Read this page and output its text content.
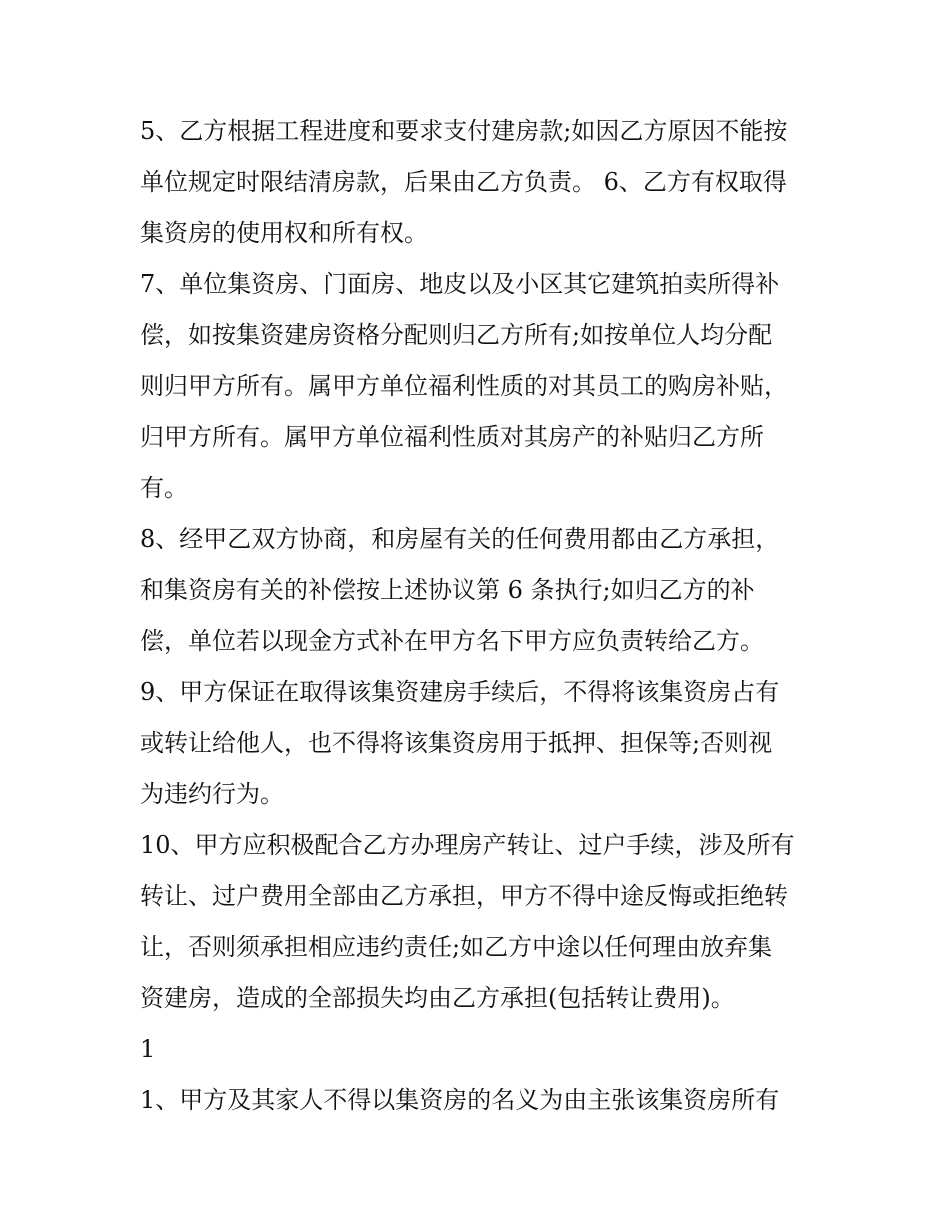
5、乙方根据工程进度和要求支付建房款;如因乙方原因不能按
单位规定时限结清房款，后果由乙方负责。 6、乙方有权取得
集资房的使用权和所有权。
7、单位集资房、门面房、地皮以及小区其它建筑拍卖所得补
偿，如按集资建房资格分配则归乙方所有;如按单位人均分配
则归甲方所有。属甲方单位福利性质的对其员工的购房补贴，
归甲方所有。属甲方单位福利性质对其房产的补贴归乙方所
有。
8、经甲乙双方协商，和房屋有关的任何费用都由乙方承担，
和集资房有关的补偿按上述协议第 6 条执行;如归乙方的补
偿，单位若以现金方式补在甲方名下甲方应负责转给乙方。
9、甲方保证在取得该集资建房手续后，不得将该集资房占有
或转让给他人，也不得将该集资房用于抵押、担保等;否则视
为违约行为。
10、甲方应积极配合乙方办理房产转让、过户手续，涉及所有
转让、过户费用全部由乙方承担，甲方不得中途反悔或拒绝转
让，否则须承担相应违约责任;如乙方中途以任何理由放弃集
资建房，造成的全部损失均由乙方承担(包括转让费用)。
1
1、甲方及其家人不得以集资房的名义为由主张该集资房所有
